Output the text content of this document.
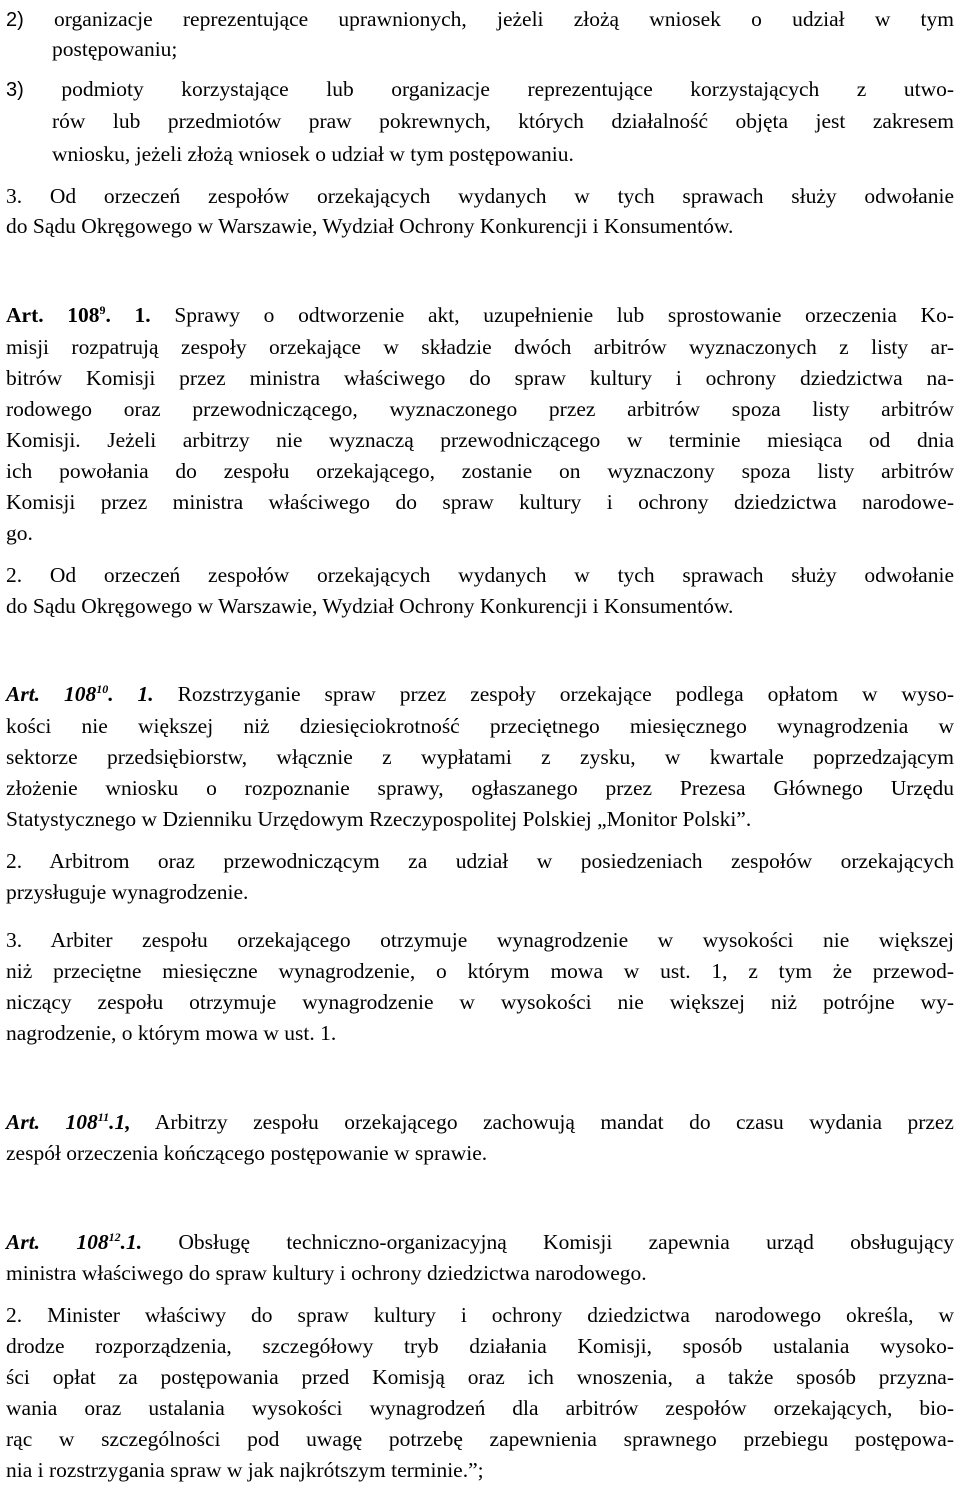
2) organizacje reprezentujące uprawnionych, jeżeli złożą wniosek o udział w tym

postępowaniu;

3) podmioty korzystające lub organizacje reprezentujące korzystających z utwo-

rów lub przedmiotów praw pokrewnych, których działalność objęta jest zakresem

wniosku, jeżeli złożą wniosek o udział w tym postępowaniu.

3. Od orzeczeń zespołów orzekających wydanych w tych sprawach służy odwołanie

do Sądu Okręgowego w Warszawie, Wydział Ochrony Konkurencji i Konsumentów.

Art. $108^9$. 1. Sprawy o odtworzenie akt, uzupełnienie lub sprostowanie orzeczenia Ko-

misji rozpatrują zespoły orzekające w składzie dwóch arbitrów wyznaczonych z listy ar-

bitrów Komisji przez ministra właściwego do spraw kultury i ochrony dziedzictwa na-

rodowego oraz przewodniczącego, wyznaczonego przez arbitrów spoza listy arbitrów

Komisji. Jeżeli arbitrzy nie wyznaczą przewodniczącego w terminie miesiąca od dnia

ich powołania do zespołu orzekającego, zostanie on wyznaczony spoza listy arbitrów

Komisji przez ministra właściwego do spraw kultury i ochrony dziedzictwa narodowe-

go.

2. Od orzeczeń zespołów orzekających wydanych w tych sprawach służy odwołanie

do Sądu Okręgowego w Warszawie, Wydział Ochrony Konkurencji i Konsumentów.

Art. $108^{10}$. 1. Rozstrzyganie spraw przez zespoły orzekające podlega opłatom w wyso-

kości nie większej niż dziesięciokrotność przeciętnego miesięcznego wynagrodzenia w

sektorze przedsiębiorstw, włącznie z wypłatami z zysku, w kwartale poprzedzającym

złożenie wniosku o rozpoznanie sprawy, ogłaszanego przez Prezesa Głównego Urzędu

Statystycznego w Dzienniku Urzędowym Rzeczypospolitej Polskiej „Monitor Polski”.

2. Arbitrom oraz przewodniczącym za udział w posiedzeniach zespołów orzekających

przysługuje wynagrodzenie.

3. Arbiter zespołu orzekającego otrzymuje wynagrodzenie w wysokości nie większej

niż przeciętne miesięczne wynagrodzenie, o którym mowa w ust. 1, z tym że przewod-

niczący zespołu otrzymuje wynagrodzenie w wysokości nie większej niż potrójne wy-

nagrodzenie, o którym mowa w ust. 1.

Art. $108^{11}.1$, Arbitrzy zespołu orzekającego zachowują mandat do czasu wydania przez

zespół orzeczenia kończącego postępowanie w sprawie.

Art. $108^{12}.1$. Obsługę techniczno-organizacyjną Komisji zapewnia urząd obsługujący

ministra właściwego do spraw kultury i ochrony dziedzictwa narodowego.

2. Minister właściwy do spraw kultury i ochrony dziedzictwa narodowego określa, w

drodze rozporządzenia, szczegółowy tryb działania Komisji, sposób ustalania wysoko-

ści opłat za postępowania przed Komisją oraz ich wnoszenia, a także sposób przyzna-

wania oraz ustalania wysokości wynagrodzeń dla arbitrów zespołów orzekających, bio-

rąc w szczególności pod uwagę potrzebę zapewnienia sprawnego przebiegu postępowa-

nia i rozstrzygania spraw w jak najkrótszym terminie.”;
